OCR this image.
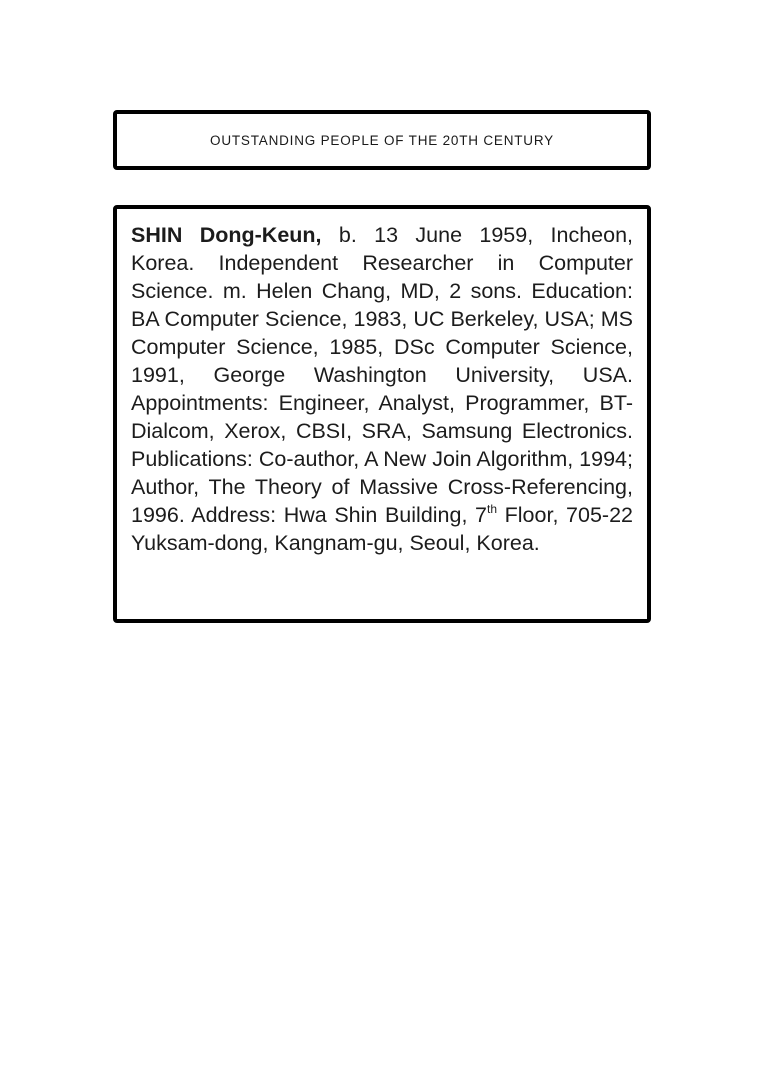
OUTSTANDING PEOPLE OF THE 20TH CENTURY

SHIN Dong-Keun, b. 13 June 1959, Incheon, Korea. Independent Researcher in Computer Science. m. Helen Chang, MD, 2 sons. Education: BA Computer Science, 1983, UC Berkeley, USA; MS Computer Science, 1985, DSc Computer Science, 1991, George Washington University, USA. Appointments: Engineer, Analyst, Programmer, BT-Dialcom, Xerox, CBSI, SRA, Samsung Electronics. Publications: Co-author, A New Join Algorithm, 1994; Author, The Theory of Massive Cross-Referencing, 1996. Address: Hwa Shin Building, 7th Floor, 705-22 Yuksam-dong, Kangnam-gu, Seoul, Korea.
